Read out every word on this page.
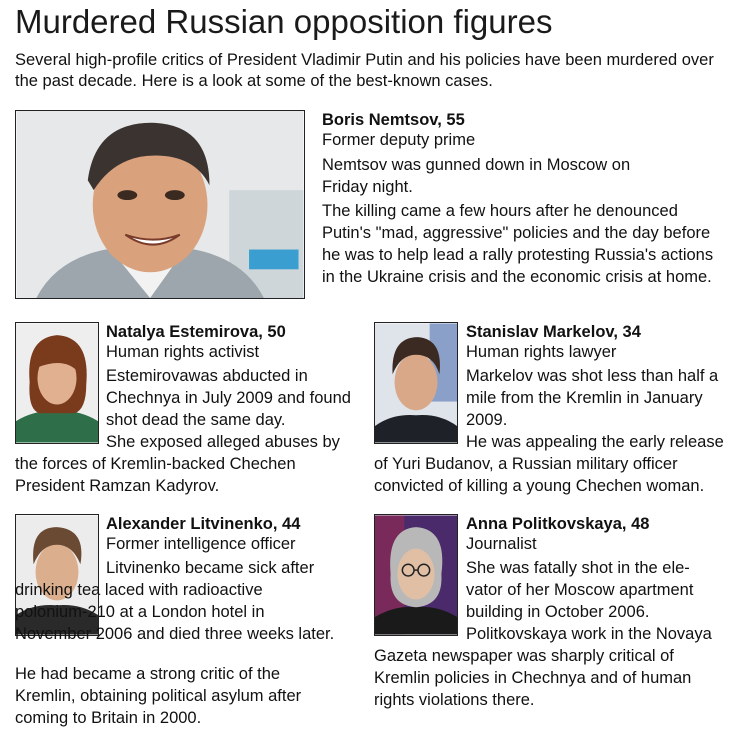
Murdered Russian opposition figures
Several high-profile critics of President Vladimir Putin and his policies have been murdered over the past decade. Here is a look at some of the best-known cases.
Boris Nemtsov, 55
Former deputy prime

Nemtsov was gunned down in Moscow on Friday night.

The killing came a few hours after he denounced Putin's "mad, aggressive" policies and the day before he was to help lead a rally protesting Russia's actions in the Ukraine crisis and the economic crisis at home.

Natalya Estemirova, 50
Human rights activist

Estemirovawas abducted in Chechnya in July 2009 and found shot dead the same day.

She exposed alleged abuses by the forces of Kremlin-backed Chechen President Ramzan Kadyrov.

Stanislav Markelov, 34
Human rights lawyer

Markelov was shot less than half a mile from the Kremlin in January 2009.

He was appealing the early release of Yuri Budanov, a Russian military officer convicted of killing a young Chechen woman.

Alexander Litvinenko, 44
Former intelligence officer

Litvinenko became sick after drinking tea laced with radioactive polonium-210 at a London hotel in November 2006 and died three weeks later.

He had became a strong critic of the Kremlin, obtaining political asylum after coming to Britain in 2000.

Anna Politkovskaya, 48
Journalist

She was fatally shot in the ele-vator of her Moscow apartment building in October 2006.

Politkovskaya work in the Novaya Gazeta newspaper was sharply critical of Kremlin policies in Chechnya and of human rights violations there.
